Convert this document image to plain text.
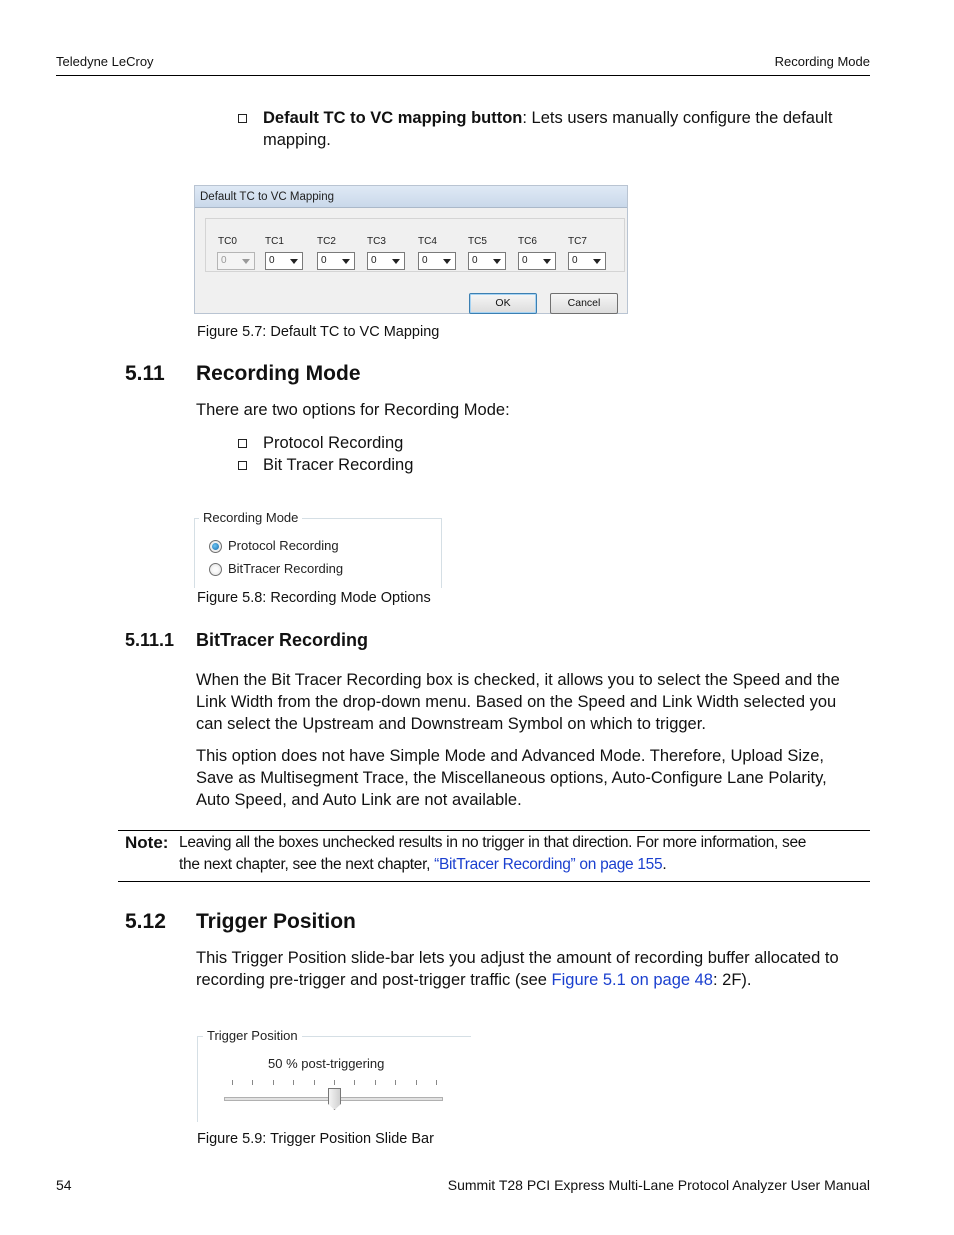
Teledyne LeCroy	Recording Mode
Default TC to VC mapping button: Lets users manually configure the default mapping.
Default TC to VC Mapping
TC0	TC1	TC2	TC3	TC4	TC5	TC6	TC7
0	0	0	0	0	0	0	0
OK	Cancel
Figure 5.7: Default TC to VC Mapping
5.11 Recording Mode
There are two options for Recording Mode:
Protocol Recording
Bit Tracer Recording
Recording Mode
Protocol Recording
BitTracer Recording
Figure 5.8: Recording Mode Options
5.11.1 BitTracer Recording
When the Bit Tracer Recording box is checked, it allows you to select the Speed and the
Link Width from the drop-down menu. Based on the Speed and Link Width selected you
can select the Upstream and Downstream Symbol on which to trigger.
This option does not have Simple Mode and Advanced Mode. Therefore, Upload Size,
Save as Multisegment Trace, the Miscellaneous options, Auto-Configure Lane Polarity,
Auto Speed, and Auto Link are not available.
Note: Leaving all the boxes unchecked results in no trigger in that direction. For more information, see
the next chapter, see the next chapter, “BitTracer Recording” on page 155.
5.12 Trigger Position
This Trigger Position slide-bar lets you adjust the amount of recording buffer allocated to
recording pre-trigger and post-trigger traffic (see Figure 5.1 on page 48: 2F).
Trigger Position
50 % post-triggering
Figure 5.9: Trigger Position Slide Bar
54	Summit T28 PCI Express Multi-Lane Protocol Analyzer User Manual
